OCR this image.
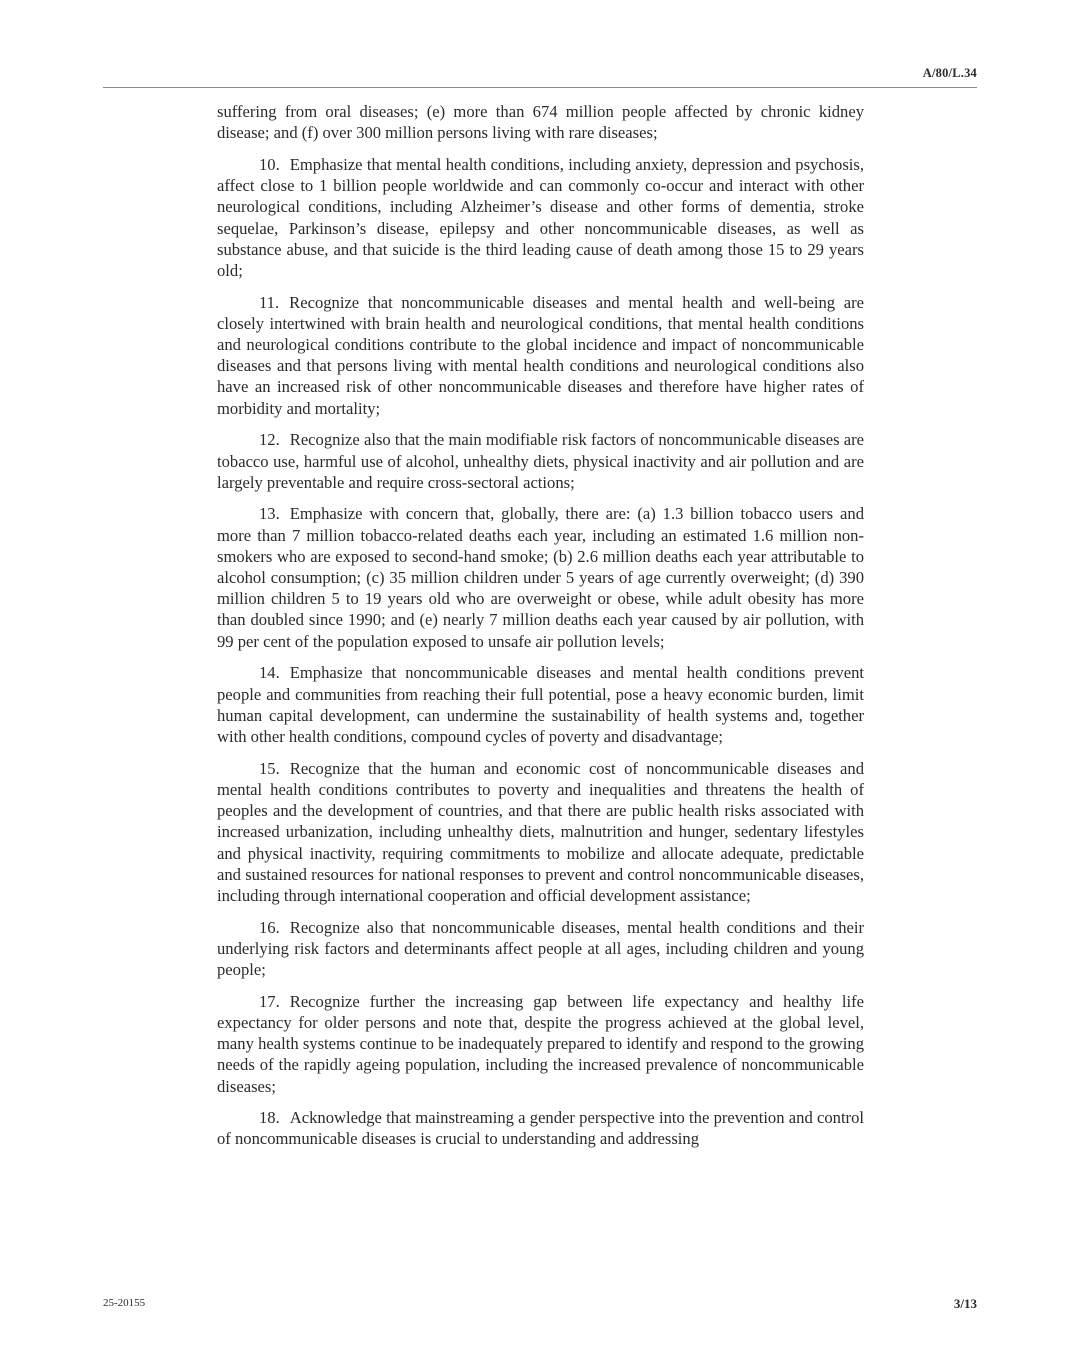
A/80/L.34

suffering from oral diseases; (e) more than 674 million people affected by chronic kidney disease; and (f) over 300 million persons living with rare diseases;

10. Emphasize that mental health conditions, including anxiety, depression and psychosis, affect close to 1 billion people worldwide and can commonly co-occur and interact with other neurological conditions, including Alzheimer’s disease and other forms of dementia, stroke sequelae, Parkinson’s disease, epilepsy and other noncommunicable diseases, as well as substance abuse, and that suicide is the third leading cause of death among those 15 to 29 years old;

11. Recognize that noncommunicable diseases and mental health and well-being are closely intertwined with brain health and neurological conditions, that mental health conditions and neurological conditions contribute to the global incidence and impact of noncommunicable diseases and that persons living with mental health conditions and neurological conditions also have an increased risk of other noncommunicable diseases and therefore have higher rates of morbidity and mortality;

12. Recognize also that the main modifiable risk factors of noncommunicable diseases are tobacco use, harmful use of alcohol, unhealthy diets, physical inactivity and air pollution and are largely preventable and require cross-sectoral actions;

13. Emphasize with concern that, globally, there are: (a) 1.3 billion tobacco users and more than 7 million tobacco-related deaths each year, including an estimated 1.6 million non-smokers who are exposed to second-hand smoke; (b) 2.6 million deaths each year attributable to alcohol consumption; (c) 35 million children under 5 years of age currently overweight; (d) 390 million children 5 to 19 years old who are overweight or obese, while adult obesity has more than doubled since 1990; and (e) nearly 7 million deaths each year caused by air pollution, with 99 per cent of the population exposed to unsafe air pollution levels;

14. Emphasize that noncommunicable diseases and mental health conditions prevent people and communities from reaching their full potential, pose a heavy economic burden, limit human capital development, can undermine the sustainability of health systems and, together with other health conditions, compound cycles of poverty and disadvantage;

15. Recognize that the human and economic cost of noncommunicable diseases and mental health conditions contributes to poverty and inequalities and threatens the health of peoples and the development of countries, and that there are public health risks associated with increased urbanization, including unhealthy diets, malnutrition and hunger, sedentary lifestyles and physical inactivity, requiring commitments to mobilize and allocate adequate, predictable and sustained resources for national responses to prevent and control noncommunicable diseases, including through international cooperation and official development assistance;

16. Recognize also that noncommunicable diseases, mental health conditions and their underlying risk factors and determinants affect people at all ages, including children and young people;

17. Recognize further the increasing gap between life expectancy and healthy life expectancy for older persons and note that, despite the progress achieved at the global level, many health systems continue to be inadequately prepared to identify and respond to the growing needs of the rapidly ageing population, including the increased prevalence of noncommunicable diseases;

18. Acknowledge that mainstreaming a gender perspective into the prevention and control of noncommunicable diseases is crucial to understanding and addressing

25-20155	3/13
